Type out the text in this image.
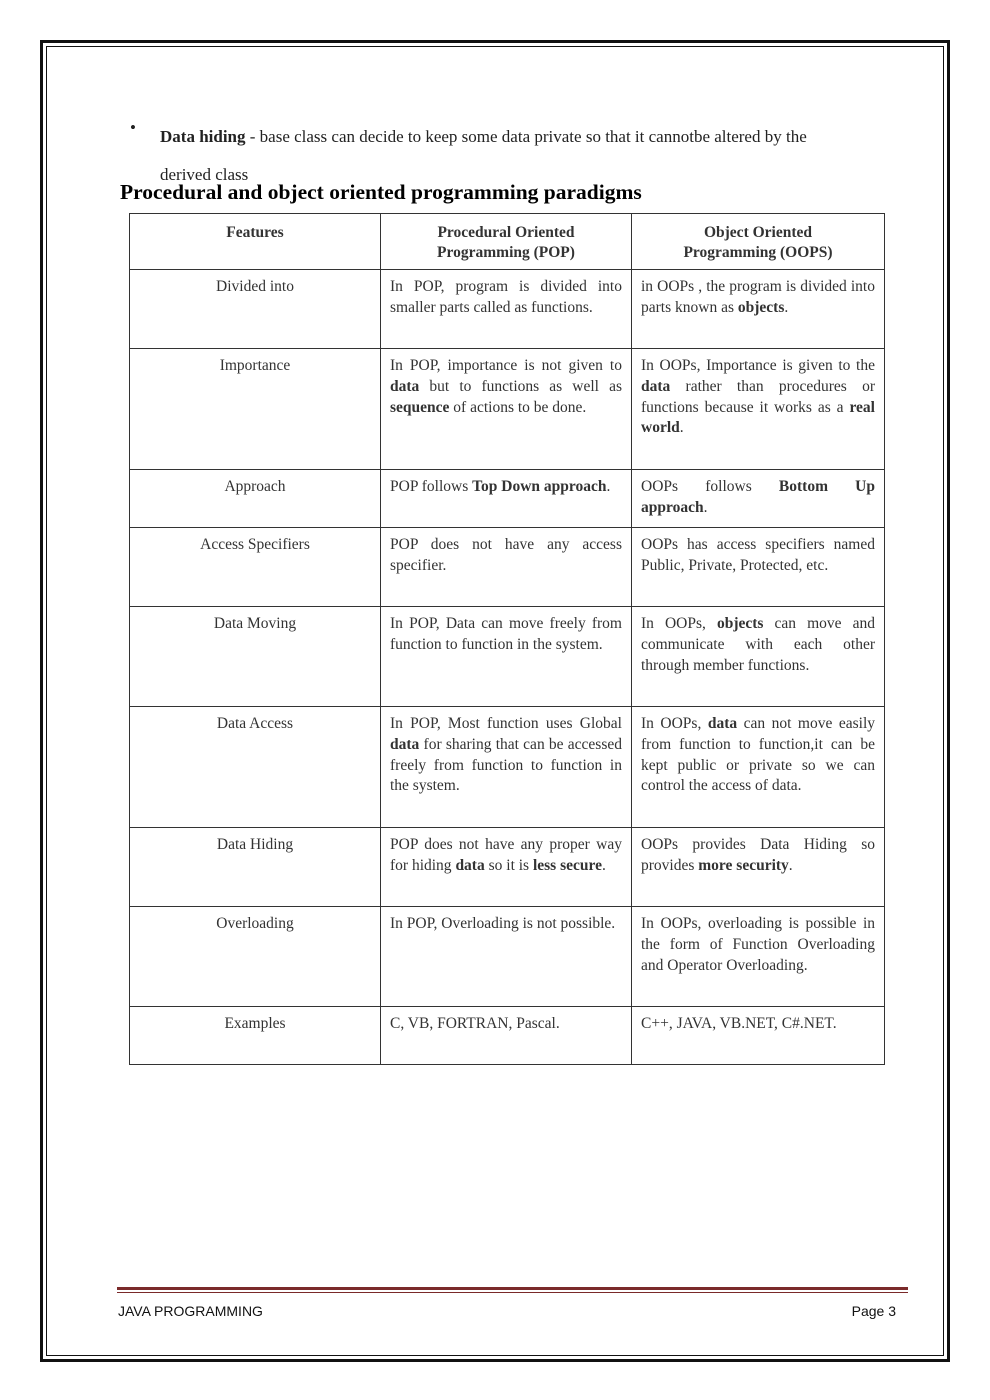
• Data hiding - base class can decide to keep some data private so that it cannotbe altered by the derived class
Procedural and object oriented programming paradigms
Features	Procedural Oriented Programming (POP)	Object Oriented Programming (OOPS)
Divided into	In POP, program is divided into smaller parts called as functions.	in OOPs , the program is divided into parts known as objects.
Importance	In POP, importance is not given to data but to functions as well as sequence of actions to be done.	In OOPs, Importance is given to the data rather than procedures or functions because it works as a real world.
Approach	POP follows Top Down approach.	OOPs follows Bottom Up approach.
Access Specifiers	POP does not have any access specifier.	OOPs has access specifiers named Public, Private, Protected, etc.
Data Moving	In POP, Data can move freely from function to function in the system.	In OOPs, objects can move and communicate with each other through member functions.
Data Access	In POP, Most function uses Global data for sharing that can be accessed freely from function to function in the system.	In OOPs, data can not move easily from function to function,it can be kept public or private so we can control the access of data.
Data Hiding	POP does not have any proper way for hiding data so it is less secure.	OOPs provides Data Hiding so provides more security.
Overloading	In POP, Overloading is not possible.	In OOPs, overloading is possible in the form of Function Overloading and Operator Overloading.
Examples	C, VB, FORTRAN, Pascal.	C++, JAVA, VB.NET, C#.NET.
JAVA PROGRAMMING	Page 3
